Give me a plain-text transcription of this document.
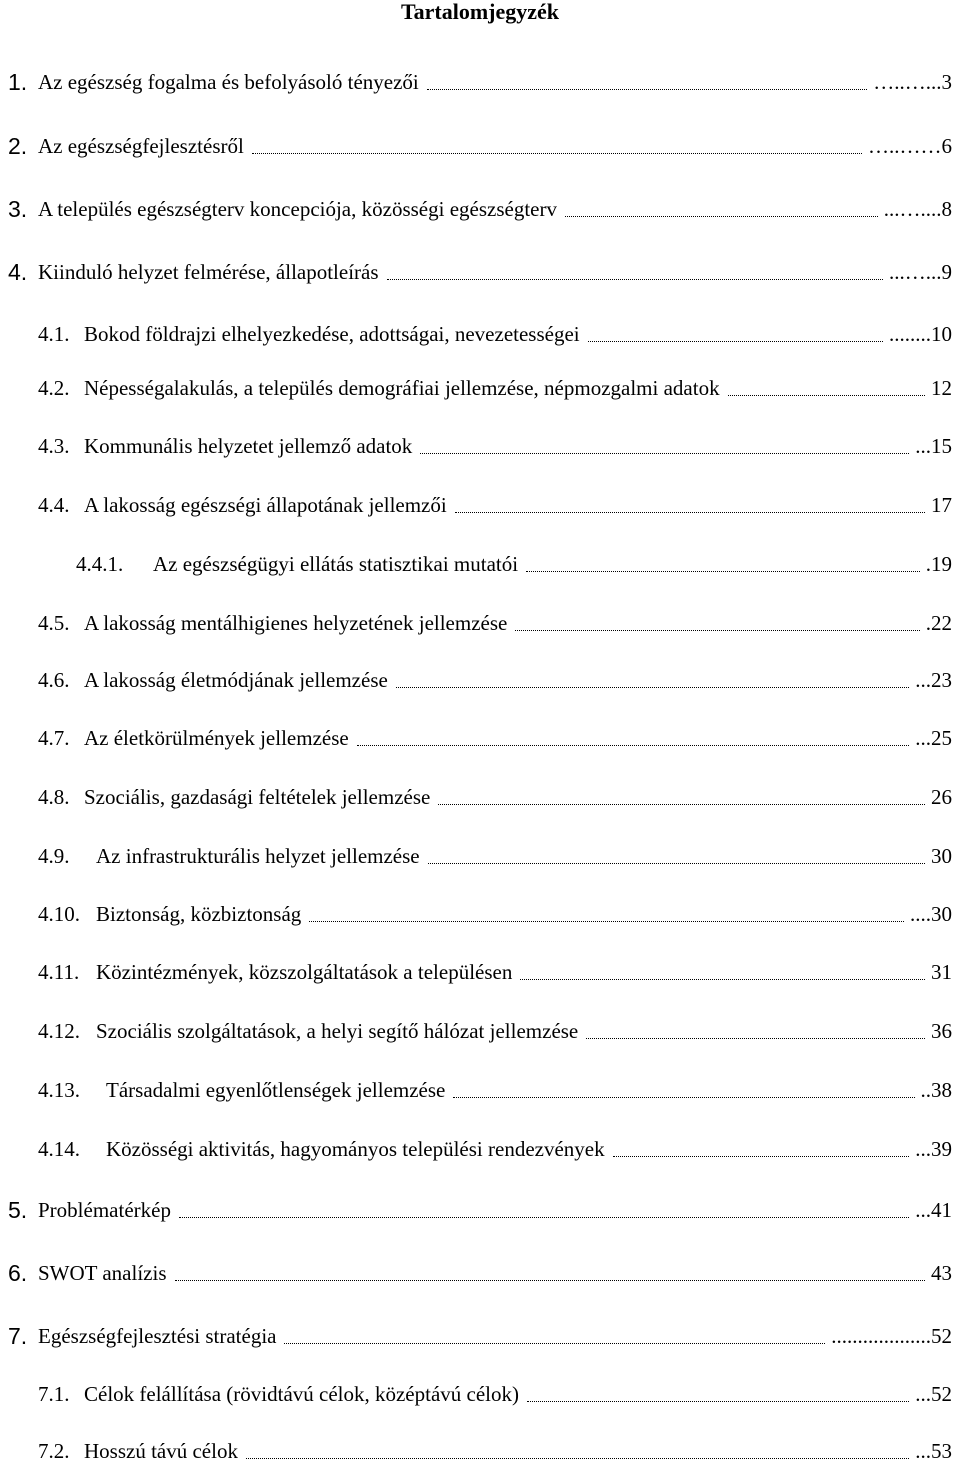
Tartalomjegyzék
1. Az egészség fogalma és befolyásoló tényezői	…..…...3
2. Az egészségfejlesztésről	…..……6
3. A település egészségterv koncepciója, közösségi egészségterv	...…....8
4. Kiinduló helyzet felmérése, állapotleírás	...…...9
4.1. Bokod földrajzi elhelyezkedése, adottságai, nevezetességei	........10
4.2. Népességalakulás, a település demográfiai jellemzése, népmozgalmi adatok	12
4.3. Kommunális helyzetet jellemző adatok	...15
4.4. A lakosság egészségi állapotának jellemzői	17
4.4.1. Az egészségügyi ellátás statisztikai mutatói	.19
4.5. A lakosság mentálhigienes helyzetének jellemzése	.22
4.6. A lakosság életmódjának jellemzése	...23
4.7. Az életkörülmények jellemzése	...25
4.8. Szociális, gazdasági feltételek jellemzése	26
4.9. Az infrastrukturális helyzet jellemzése	30
4.10. Biztonság, közbiztonság	....30
4.11. Közintézmények, közszolgáltatások a településen	31
4.12. Szociális szolgáltatások, a helyi segítő hálózat jellemzése	36
4.13. Társadalmi egyenlőtlenségek jellemzése	..38
4.14. Közösségi aktivitás, hagyományos települési rendezvények	...39
5. Problématérkép	...41
6. SWOT analízis	43
7. Egészségfejlesztési stratégia	...................52
7.1. Célok felállítása (rövidtávú célok, középtávú célok)	...52
7.2. Hosszú távú célok	...53
